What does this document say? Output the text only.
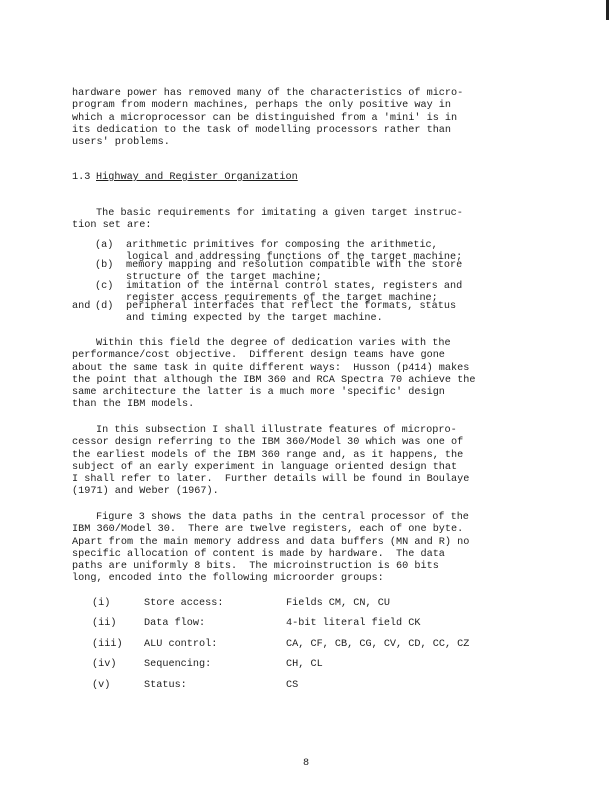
hardware power has removed many of the characteristics of micro-
program from modern machines, perhaps the only positive way in
which a microprocessor can be distinguished from a 'mini' is in
its dedication to the task of modelling processors rather than
users' problems.
1.3 Highway and Register Organization
The basic requirements for imitating a given target instruc-
tion set are:
(a) arithmetic primitives for composing the arithmetic,
logical and addressing functions of the target machine;
(b) memory mapping and resolution compatible with the store
structure of the target machine;
(c) imitation of the internal control states, registers and
register access requirements of the target machine;
and (d) peripheral interfaces that reflect the formats, status
and timing expected by the target machine.
Within this field the degree of dedication varies with the
performance/cost objective.  Different design teams have gone
about the same task in quite different ways:  Husson (p414) makes
the point that although the IBM 360 and RCA Spectra 70 achieve the
same architecture the latter is a much more 'specific' design
than the IBM models.
In this subsection I shall illustrate features of micropro-
cessor design referring to the IBM 360/Model 30 which was one of
the earliest models of the IBM 360 range and, as it happens, the
subject of an early experiment in language oriented design that
I shall refer to later.  Further details will be found in Boulaye
(1971) and Weber (1967).
Figure 3 shows the data paths in the central processor of the
IBM 360/Model 30.  There are twelve registers, each of one byte.
Apart from the main memory address and data buffers (MN and R) no
specific allocation of content is made by hardware.  The data
paths are uniformly 8 bits.  The microinstruction is 60 bits
long, encoded into the following microorder groups:
(i)	Store access:	Fields CM, CN, CU
(ii)	Data flow:	4-bit literal field CK
(iii) ALU control:	CA, CF, CB, CG, CV, CD, CC, CZ
(iv)	Sequencing:	CH, CL
(v)	Status:	CS
8
